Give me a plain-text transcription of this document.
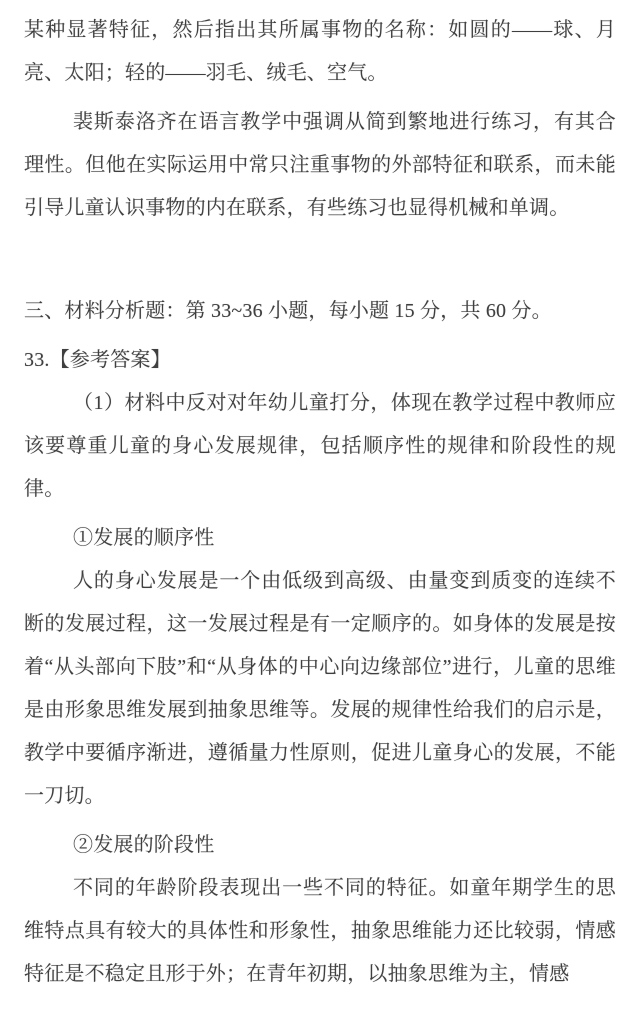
某种显著特征，然后指出其所属事物的名称：如圆的——球、月亮、太阳；轻的——羽毛、绒毛、空气。

裴斯泰洛齐在语言教学中强调从简到繁地进行练习，有其合理性。但他在实际运用中常只注重事物的外部特征和联系，而未能引导儿童认识事物的内在联系，有些练习也显得机械和单调。

三、材料分析题：第 33~36 小题，每小题 15 分，共 60 分。

33.【参考答案】

（1）材料中反对对年幼儿童打分，体现在教学过程中教师应该要尊重儿童的身心发展规律，包括顺序性的规律和阶段性的规律。

①发展的顺序性

人的身心发展是一个由低级到高级、由量变到质变的连续不断的发展过程，这一发展过程是有一定顺序的。如身体的发展是按着“从头部向下肢”和“从身体的中心向边缘部位”进行，儿童的思维是由形象思维发展到抽象思维等。发展的规律性给我们的启示是，教学中要循序渐进，遵循量力性原则，促进儿童身心的发展，不能一刀切。

②发展的阶段性

不同的年龄阶段表现出一些不同的特征。如童年期学生的思维特点具有较大的具体性和形象性，抽象思维能力还比较弱，情感特征是不稳定且形于外；在青年初期，以抽象思维为主，情感
